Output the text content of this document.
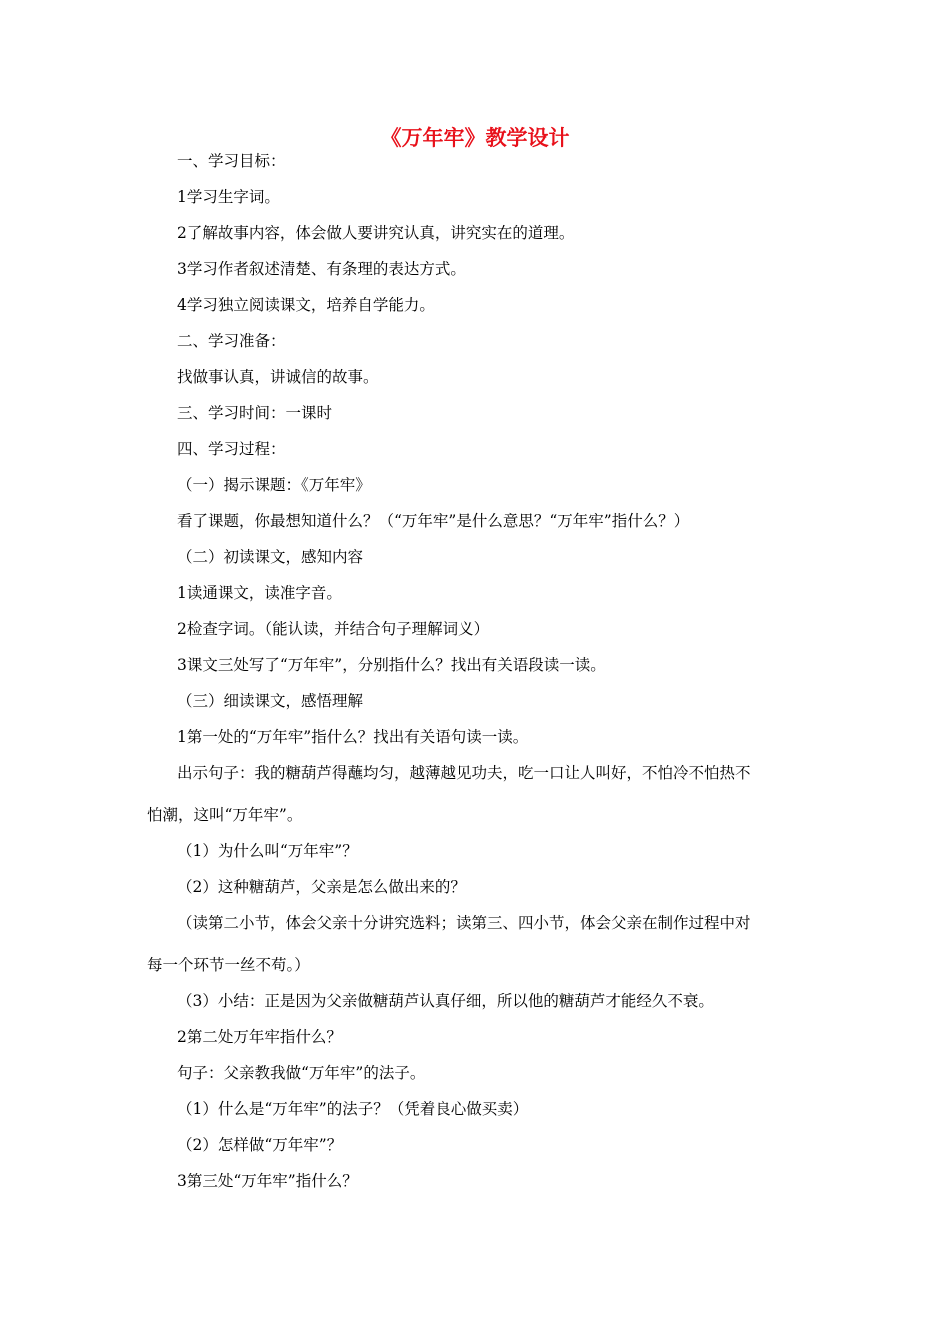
《万年牢》教学设计
一、学习目标：
1学习生字词。
2了解故事内容，体会做人要讲究认真，讲究实在的道理。
3学习作者叙述清楚、有条理的表达方式。
4学习独立阅读课文，培养自学能力。
二、学习准备：
找做事认真，讲诚信的故事。
三、学习时间：一课时
四、学习过程：
（一）揭示课题：《万年牢》
看了课题，你最想知道什么？（“万年牢”是什么意思？“万年牢”指什么？）
（二）初读课文，感知内容
1读通课文，读准字音。
2检查字词。（能认读，并结合句子理解词义）
3课文三处写了“万年牢”，分别指什么？找出有关语段读一读。
（三）细读课文，感悟理解
1第一处的“万年牢”指什么？找出有关语句读一读。
出示句子：我的糖葫芦得蘸均匀，越薄越见功夫，吃一口让人叫好，不怕冷不怕热不
怕潮，这叫“万年牢”。
（1）为什么叫“万年牢”？
（2）这种糖葫芦，父亲是怎么做出来的？
（读第二小节，体会父亲十分讲究选料；读第三、四小节，体会父亲在制作过程中对
每一个环节一丝不苟。）
（3）小结：正是因为父亲做糖葫芦认真仔细，所以他的糖葫芦才能经久不衰。
2第二处万年牢指什么？
句子：父亲教我做“万年牢”的法子。
（1）什么是“万年牢”的法子？（凭着良心做买卖）
（2）怎样做“万年牢”？
3第三处“万年牢”指什么？
